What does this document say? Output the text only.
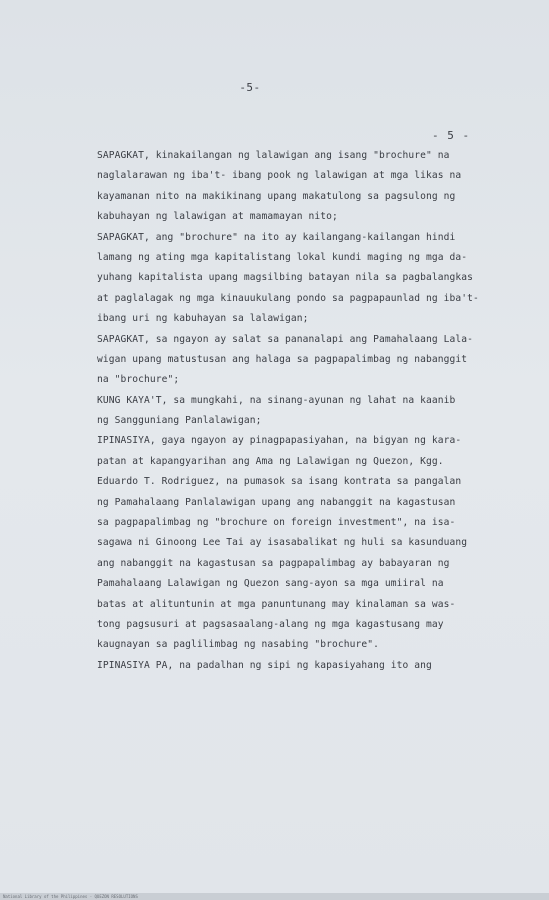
-5-
- 5 -
SAPAGKAT, kinakailangan ng lalawigan ang isang "brochure" na
naglalarawan ng iba't- ibang pook ng lalawigan at mga likas na
kayamanan nito na makikinang upang makatulong sa pagsulong ng
kabuhayan ng lalawigan at mamamayan nito;
SAPAGKAT, ang "brochure" na ito ay kailangang-kailangan hindi
lamang ng ating mga kapitalistang lokal kundi maging ng mga da-
yuhang kapitalista upang magsilbing batayan nila sa pagbalangkas
at paglalagak ng mga kinauukulang pondo sa pagpapaunlad ng iba't-
ibang uri ng kabuhayan sa lalawigan;
SAPAGKAT, sa ngayon ay salat sa pananalapi ang Pamahalaang Lala-
wigan upang matustusan ang halaga sa pagpapalimbag ng nabanggit
na "brochure";
KUNG KAYA'T, sa mungkahi, na sinang-ayunan ng lahat na kaanib
ng Sangguniang Panlalawigan;
IPINASIYA, gaya ngayon ay pinagpapasiyahan, na bigyan ng kara-
patan at kapangyarihan ang Ama ng Lalawigan ng Quezon, Kgg.
Eduardo T. Rodriguez, na pumasok sa isang kontrata sa pangalan
ng Pamahalaang Panlalawigan upang ang nabanggit na kagastusan
sa pagpapalimbag ng "brochure on foreign investment", na isa-
sagawa ni Ginoong Lee Tai ay isasabalikat ng huli sa kasunduang
ang nabanggit na kagastusan sa pagpapalimbag ay babayaran ng
Pamahalaang Lalawigan ng Quezon sang-ayon sa mga umiiral na
batas at alituntunin at mga panuntunang may kinalaman sa was-
tong pagsusuri at pagsasaalang-alang ng mga kagastusang may
kaugnayan sa paglilimbag ng nasabing "brochure".
IPINASIYA PA, na padalhan ng sipi ng kapasiyahang ito ang
National Library of the Philippines · QUEZON RESOLUTIONS
